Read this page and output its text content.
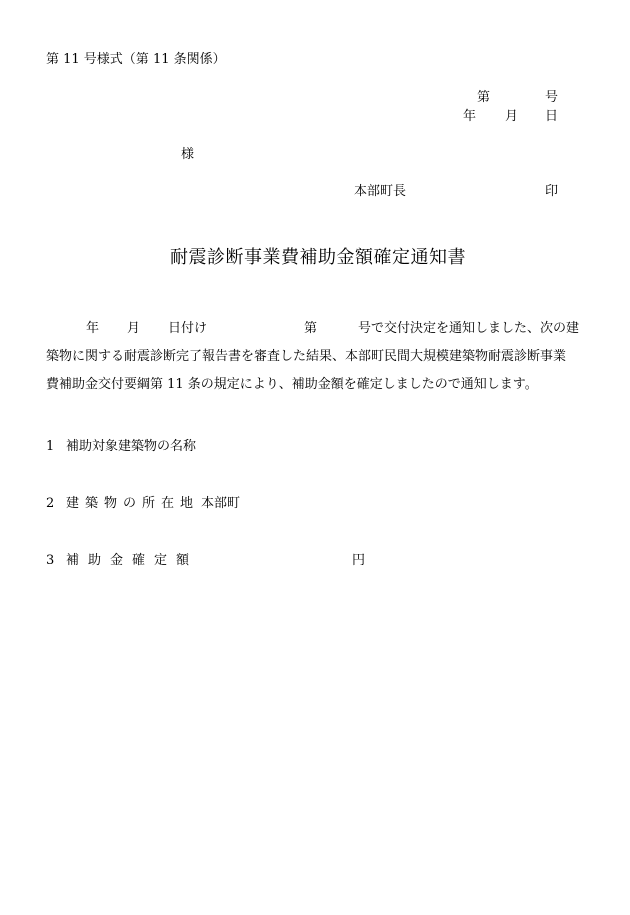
第 11 号様式（第 11 条関係）
第	号
年 月 日
様
本部町長	印
耐震診断事業費補助金額確定通知書
年 月 日付け	第	号で交付決定を通知しました、次の建
築物に関する耐震診断完了報告書を審査した結果、本部町民間大規模建築物耐震診断事業
費補助金交付要綱第 11 条の規定により、補助金額を確定しましたので通知します。
1 補助対象建築物の名称
2 建築物の所在地 本部町
3 補助金確定額	円
